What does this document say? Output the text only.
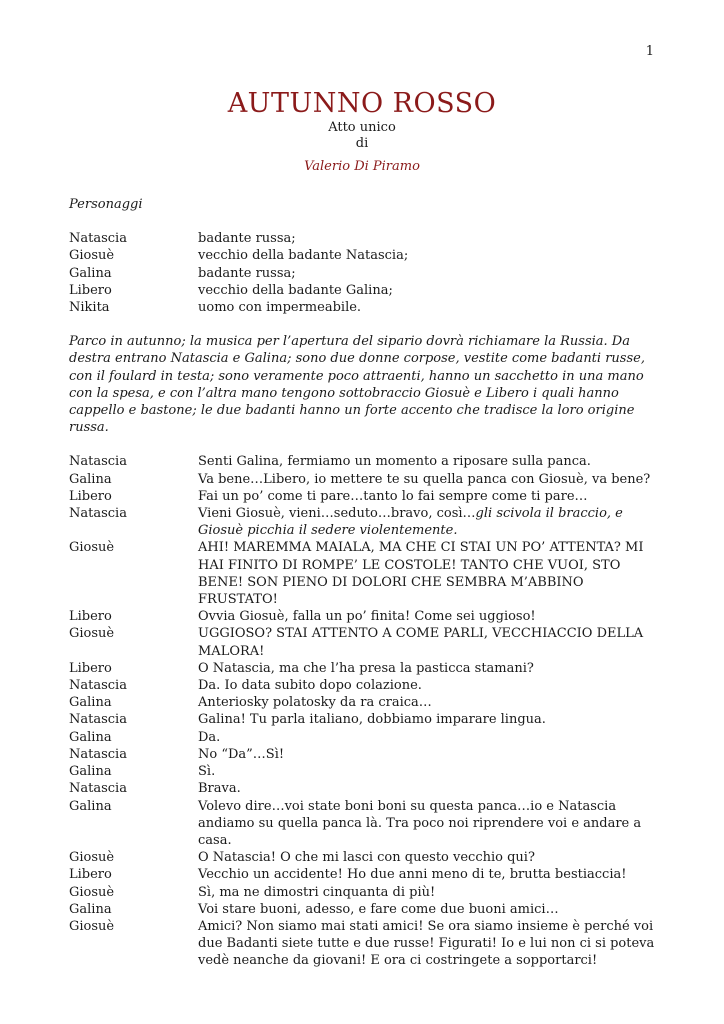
1
AUTUNNO ROSSO
Atto unico
di
Valerio Di Piramo
Personaggi
Natascia	badante russa;
Giosuè	vecchio della badante Natascia;
Galina	badante russa;
Libero	vecchio della badante Galina;
Nikita	uomo con impermeabile.
Parco in autunno; la musica per l’apertura del sipario dovrà richiamare la Russia. Da destra entrano Natascia e Galina; sono due donne corpose, vestite come badanti russe, con il foulard in testa; sono veramente poco attraenti, hanno un sacchetto in una mano con la spesa, e con l’altra mano tengono sottobraccio Giosuè e Libero i quali hanno cappello e bastone; le due badanti hanno un forte accento che tradisce la loro origine russa.
Natascia	Senti Galina, fermiamo un momento a riposare sulla panca.
Galina	Va bene…Libero, io mettere te su quella panca con Giosuè, va bene?
Libero	Fai un po’ come ti pare…tanto lo fai sempre come ti pare…
Natascia	Vieni Giosuè, vieni…seduto…bravo, così…gli scivola il braccio, e Giosuè picchia il sedere violentemente.
Giosuè	AHI! MAREMMA MAIALA, MA CHE CI STAI UN PO’ ATTENTA? MI HAI FINITO DI ROMPE’ LE COSTOLE! TANTO CHE VUOI, STO BENE! SON PIENO DI DOLORI CHE SEMBRA M’ABBINO FRUSTATO!
Libero	Ovvia Giosuè, falla un po’ finita! Come sei uggioso!
Giosuè	UGGIOSO? STAI ATTENTO A COME PARLI, VECCHIACCIO DELLA MALORA!
Libero	O Natascia, ma che l’ha presa la pasticca stamani?
Natascia	Da. Io data subito dopo colazione.
Galina	Anteriosky polatosky da ra craica…
Natascia	Galina! Tu parla italiano, dobbiamo imparare lingua.
Galina	Da.
Natascia	No “Da”…Sì!
Galina	Sì.
Natascia	Brava.
Galina	Volevo dire…voi state boni boni su questa panca…io e Natascia andiamo su quella panca là. Tra poco noi riprendere voi e andare a casa.
Giosuè	O Natascia! O che mi lasci con questo vecchio qui?
Libero	Vecchio un accidente! Ho due anni meno di te, brutta bestiaccia!
Giosuè	Sì, ma ne dimostri cinquanta di più!
Galina	Voi stare buoni, adesso, e fare come due buoni amici…
Giosuè	Amici? Non siamo mai stati amici! Se ora siamo insieme è perché voi due Badanti siete tutte e due russe! Figurati! Io e lui non ci si poteva vedè neanche da giovani! E ora ci costringete a sopportarci!
